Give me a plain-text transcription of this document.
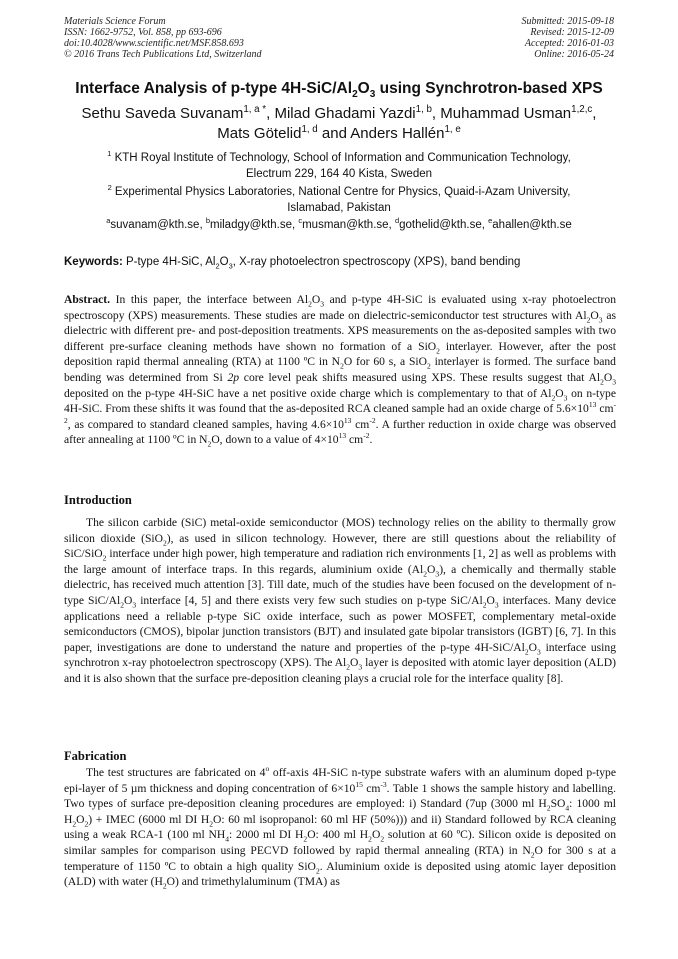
Materials Science Forum
ISSN: 1662-9752, Vol. 858, pp 693-696
doi:10.4028/www.scientific.net/MSF.858.693
© 2016 Trans Tech Publications Ltd, Switzerland
Submitted: 2015-09-18
Revised: 2015-12-09
Accepted: 2016-01-03
Online: 2016-05-24
Interface Analysis of p-type $4H-SiC/Al_2O_3$ using Synchrotron-based XPS
Sethu Saveda Suvanam$^{1, a *}$, Milad Ghadami Yazdi$^{1, b}$, Muhammad Usman$^{1,2,c}$,
Mats Götelid$^{1, d}$ and Anders Hallén$^{1, e}$
$^1$ KTH Royal Institute of Technology, School of Information and Communication Technology,
Electrum 229, 164 40 Kista, Sweden
$^2$ Experimental Physics Laboratories, National Centre for Physics, Quaid-i-Azam University,
Islamabad, Pakistan
$^a$suvanam@kth.se, $^b$miladgy@kth.se, $^c$musman@kth.se, $^d$gothelid@kth.se, $^e$ahallen@kth.se
Keywords: P-type 4H-SiC, $Al_2O_3$, X-ray photoelectron spectroscopy (XPS), band bending
Abstract. In this paper, the interface between $Al_2O_3$ and p-type 4H-SiC is evaluated using x-ray photoelectron spectroscopy (XPS) measurements. These studies are made on dielectric-semiconductor test structures with $Al_2O_3$ as dielectric with different pre- and post-deposition treatments. XPS measurements on the as-deposited samples with two different pre-surface cleaning methods have shown no formation of a SiO$_2$ interlayer. However, after the post deposition rapid thermal annealing (RTA) at 1100 ºC in $N_2O$ for 60 s, a SiO$_2$ interlayer is formed. The surface band bending was determined from Si 2p core level peak shifts measured using XPS. These results suggest that $Al_2O_3$ deposited on the p-type 4H-SiC have a net positive oxide charge which is complementary to that of $Al_2O_3$ on n-type 4H-SiC. From these shifts it was found that the as-deposited RCA cleaned sample had an oxide charge of $5.6\times 10^{13}$ $cm^{-2}$, as compared to standard cleaned samples, having $4.6\times 10^{13}$ $cm^{-2}$. A further reduction in oxide charge was observed after annealing at 1100 ºC in $N_2O$, down to a value of $4\times 10^{13}$ $cm^{-2}$.
Introduction
The silicon carbide (SiC) metal-oxide semiconductor (MOS) technology relies on the ability to thermally grow silicon dioxide (SiO$_2$), as used in silicon technology. However, there are still questions about the reliability of SiC/SiO$_2$ interface under high power, high temperature and radiation rich environments [1, 2] as well as problems with the large amount of interface traps. In this regards, aluminium oxide $(Al_2O_3)$, a chemically and thermally stable dielectric, has received much attention [3]. Till date, much of the studies have been focused on the development of n-type SiC/$Al_2O_3$ interface [4, 5] and there exists very few such studies on p-type SiC/$Al_2O_3$ interfaces. Many device applications need a reliable p-type SiC oxide interface, such as power MOSFET, complementary metal-oxide semiconductors (CMOS), bipolar junction transistors (BJT) and insulated gate bipolar transistors (IGBT) [6, 7]. In this paper, investigations are done to understand the nature and properties of the p-type $4H-SiC/Al_2O_3$ interface using synchrotron x-ray photoelectron spectroscopy (XPS). The $Al_2O_3$ layer is deposited with atomic layer deposition (ALD) and it is also shown that the surface pre-deposition cleaning plays a crucial role for the interface quality [8].
Fabrication
The test structures are fabricated on 4$^o$ off-axis 4H-SiC n-type substrate wafers with an aluminum doped p-type epi-layer of 5 µm thickness and doping concentration of $6\times 10^{15}$ $cm^{-3}$. Table 1 shows the sample history and labelling. Two types of surface pre-deposition cleaning procedures are employed: i) Standard (7up (3000 ml $H_2SO_4$: 1000 ml $H_2O_2$) + IMEC (6000 ml DI $H_2O$: 60 ml isopropanol: 60 ml HF (50%))) and ii) Standard followed by RCA cleaning using a weak RCA-1 (100 ml $NH_4$: 2000 ml DI $H_2O$: 400 ml $H_2O_2$ solution at 60 ºC). Silicon oxide is deposited on similar samples for comparison using PECVD followed by rapid thermal annealing (RTA) in $N_2O$ for 300 s at a temperature of 1150 ºC to obtain a high quality SiO$_2$. Aluminium oxide is deposited using atomic layer deposition (ALD) with water $(H_2O)$ and trimethylaluminum (TMA) as
